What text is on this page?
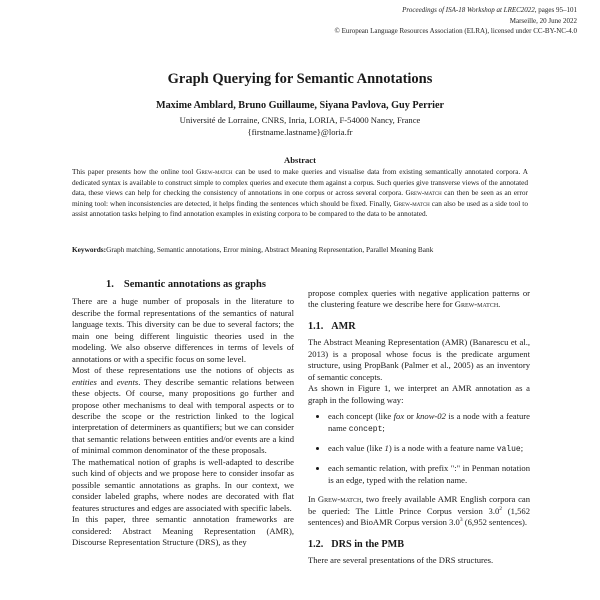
Proceedings of ISA-18 Workshop at LREC2022, pages 95–101
Marseille, 20 June 2022
© European Language Resources Association (ELRA), licensed under CC-BY-NC-4.0
Graph Querying for Semantic Annotations
Maxime Amblard, Bruno Guillaume, Siyana Pavlova, Guy Perrier
Université de Lorraine, CNRS, Inria, LORIA, F-54000 Nancy, France
{firstname.lastname}@loria.fr
Abstract

This paper presents how the online tool Grew-match can be used to make queries and visualise data from existing semantically annotated corpora. A dedicated syntax is available to construct simple to complex queries and execute them against a corpus. Such queries give transverse views of the annotated data, these views can help for checking the consistency of annotations in one corpus or across several corpora. Grew-match can then be seen as an error mining tool: when inconsistencies are detected, it helps finding the sentences which should be fixed. Finally, Grew-match can also be used as a side tool to assist annotation tasks helping to find annotation examples in existing corpora to be compared to the data to be annotated.

Keywords:Graph matching, Semantic annotations, Error mining, Abstract Meaning Representation, Parallel Meaning Bank
1. Semantic annotations as graphs

There are a huge number of proposals in the literature to describe the formal representations of the semantics of natural language texts. This diversity can be due to several factors; the main one being different linguistic theories used in the modeling. We also observe differences in terms of levels of annotations or with a specific focus on some level.

Most of these representations use the notions of objects as entities and events. They describe semantic relations between these objects. Of course, many propositions go further and propose other mechanisms to deal with temporal aspects or to describe the scope or the restriction linked to the logical interpretation of determiners as quantifiers; but we can consider that semantic relations between entities and/or events are a kind of minimal common denominator of the these proposals.

The mathematical notion of graphs is well-adapted to describe such kind of objects and we propose here to consider insofar as possible semantic annotations as graphs. In our context, we consider labeled graphs, where nodes are decorated with flat features structures and edges are associated with specific labels.

In this paper, three semantic annotation frameworks are considered: Abstract Meaning Representation (AMR), Discourse Representation Structure (DRS), as they

propose complex queries with negative application patterns or the clustering feature we describe here for Grew-match.

1.1. AMR

The Abstract Meaning Representation (AMR) (Banarescu et al., 2013) is a proposal whose focus is the predicate argument structure, using PropBank (Palmer et al., 2005) as an inventory of semantic concepts.

As shown in Figure 1, we interpret an AMR annotation as a graph in the following way:

• each concept (like fox or know-02 is a node with a feature name concept;
• each value (like 1) is a node with a feature name value;
• each semantic relation, with prefix ":" in Penman notation is an edge, typed with the relation name.

In Grew-match, two freely available AMR English corpora can be queried: The Little Prince Corpus version $3.0^2$ (1,562 sentences) and BioAMR Corpus version $3.0^3$ (6,952 sentences).

1.2. DRS in the PMB

There are several presentations of the DRS structures.
